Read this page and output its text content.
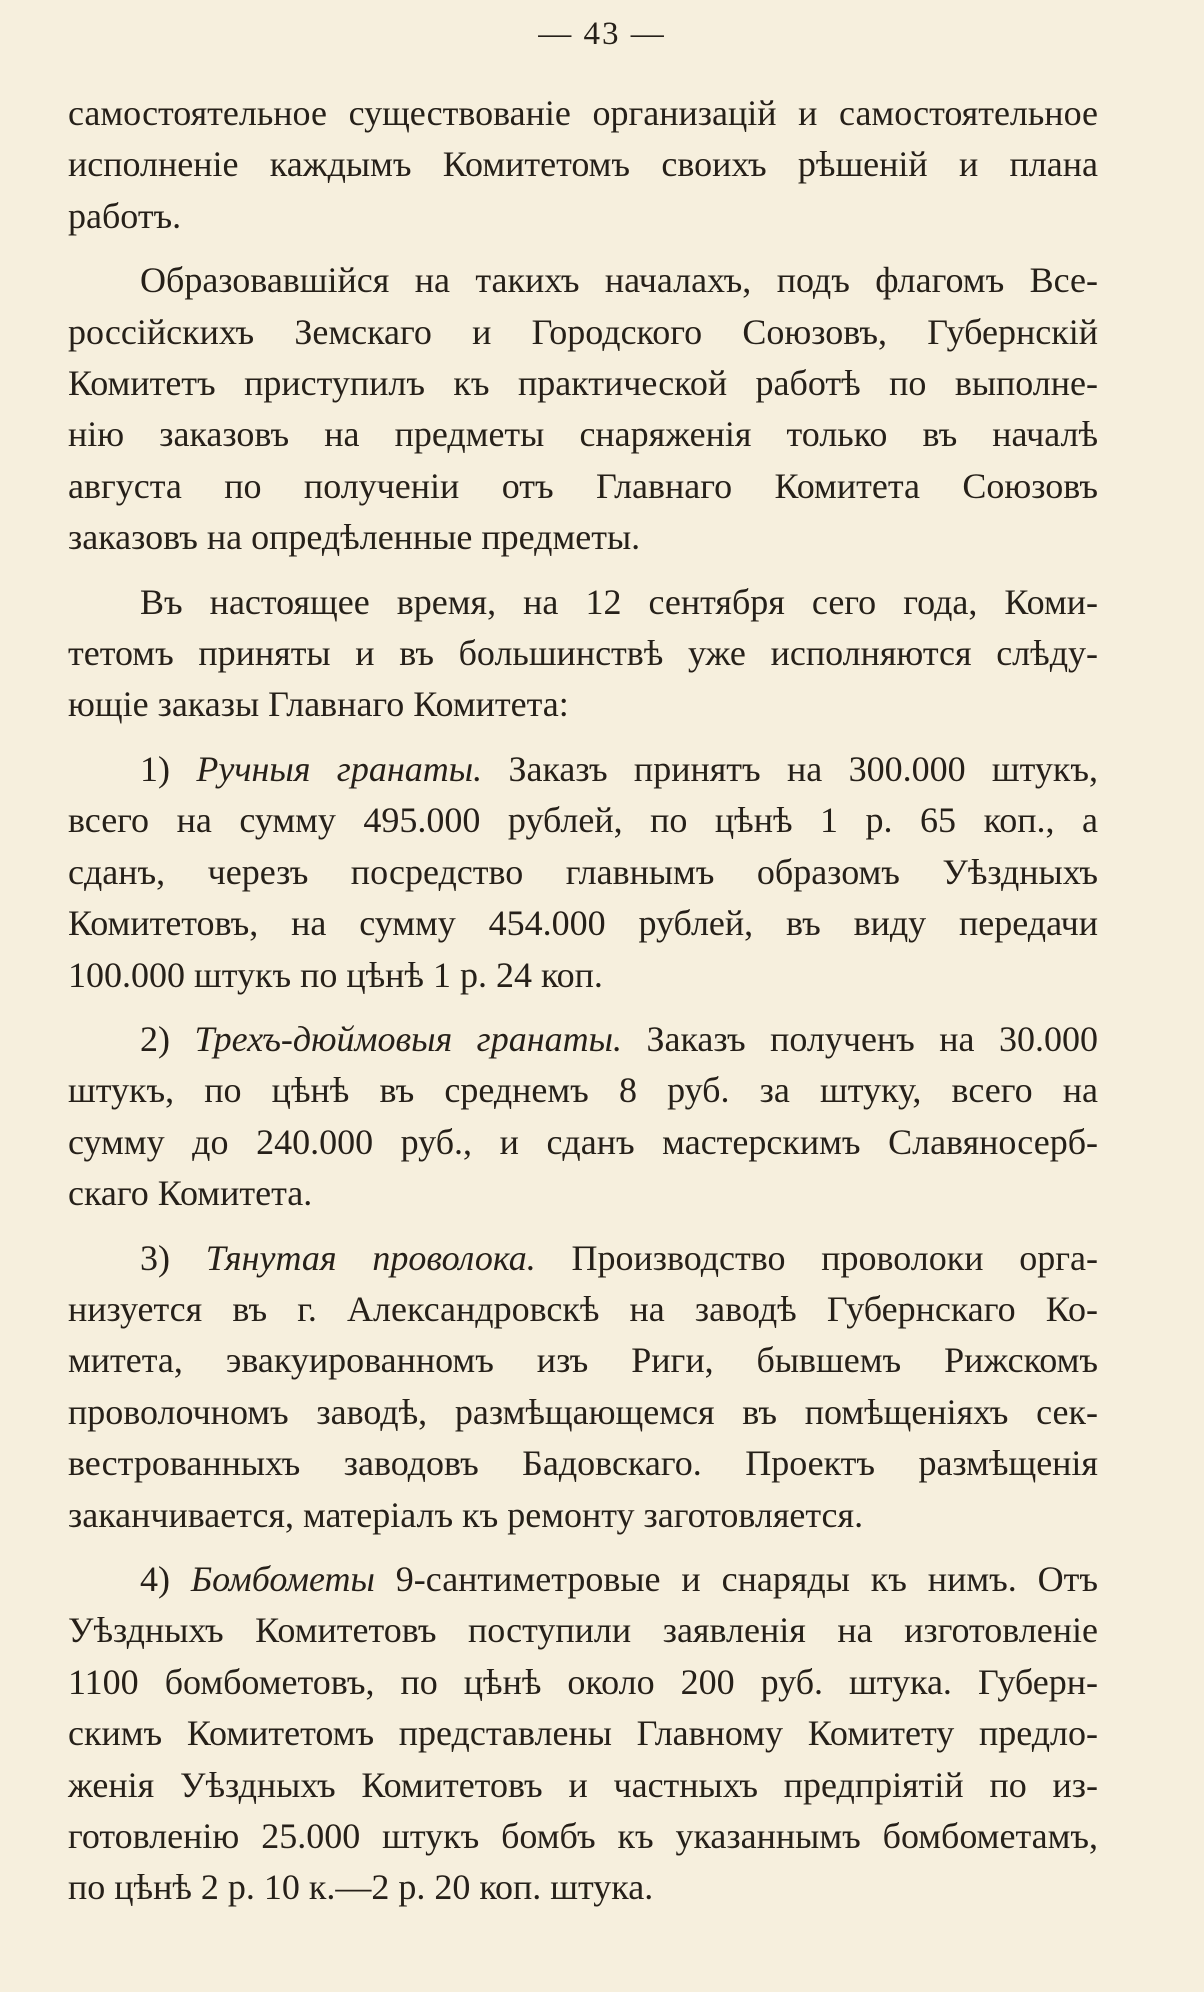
— 43 —
самостоятельное существованіе организацій и самостоятельное
исполненіе каждымъ Комитетомъ своихъ рѣшеній и плана
работъ.
Образовавшійся на такихъ началахъ, подъ флагомъ Все-
россійскихъ Земскаго и Городского Союзовъ, Губернскій
Комитетъ приступилъ къ практической работѣ по выполне-
нію заказовъ на предметы снаряженія только въ началѣ
августа по полученіи отъ Главнаго Комитета Союзовъ
заказовъ на опредѣленные предметы.
Въ настоящее время, на 12 сентября сего года, Коми-
тетомъ приняты и въ большинствѣ уже исполняются слѣду-
ющіе заказы Главнаго Комитета:
1) Ручныя гранаты. Заказъ принятъ на 300.000 штукъ,
всего на сумму 495.000 рублей, по цѣнѣ 1 р. 65 коп., а
сданъ, черезъ посредство главнымъ образомъ Уѣздныхъ
Комитетовъ, на сумму 454.000 рублей, въ виду передачи
100.000 штукъ по цѣнѣ 1 р. 24 коп.
2) Трехъ-дюймовыя гранаты. Заказъ полученъ на 30.000
штукъ, по цѣнѣ въ среднемъ 8 руб. за штуку, всего на
сумму до 240.000 руб., и сданъ мастерскимъ Славяносерб-
скаго Комитета.
3) Тянутая проволока. Производство проволоки орга-
низуется въ г. Александровскѣ на заводѣ Губернскаго Ко-
митета, эвакуированномъ изъ Риги, бывшемъ Рижскомъ
проволочномъ заводѣ, размѣщающемся въ помѣщеніяхъ сек-
вестрованныхъ заводовъ Бадовскаго. Проектъ размѣщенія
заканчивается, матеріалъ къ ремонту заготовляется.
4) Бомбометы 9-сантиметровые и снаряды къ нимъ. Отъ
Уѣздныхъ Комитетовъ поступили заявленія на изготовленіе
1100 бомбометовъ, по цѣнѣ около 200 руб. штука. Губерн-
скимъ Комитетомъ представлены Главному Комитету предло-
женія Уѣздныхъ Комитетовъ и частныхъ предпріятій по из-
готовленію 25.000 штукъ бомбъ къ указаннымъ бомбометамъ,
по цѣнѣ 2 р. 10 к.—2 р. 20 коп. штука.
